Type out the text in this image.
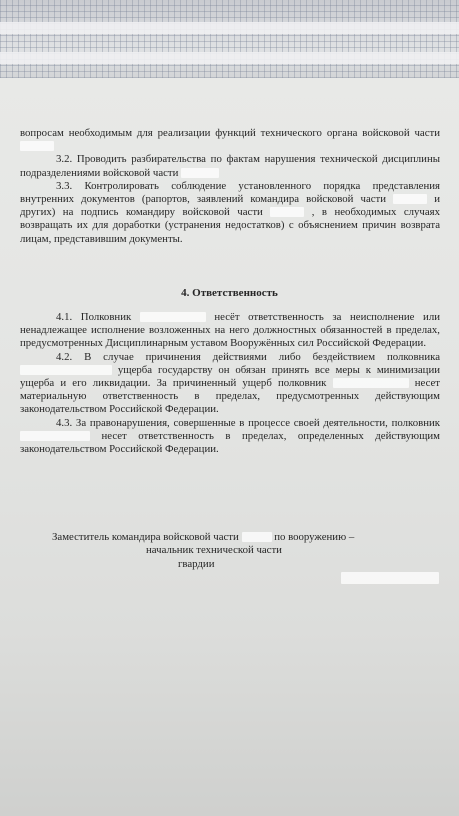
вопросам необходимым для реализации функций технического органа войсковой части

3.2. Проводить разбирательства по фактам нарушения технической дисциплины подразделениями войсковой части

3.3. Контролировать соблюдение установленного порядка представления внутренних документов (рапортов, заявлений командира войсковой части	и других) на подпись командиру войсковой части	, в необходимых случаях возвращать их для доработки (устранения недостатков) с объяснением причин возврата лицам, представившим документы.

4. Ответственность

4.1. Полковник	несёт ответственность за неисполнение или ненадлежащее исполнение возложенных на него должностных обязанностей в пределах, предусмотренных Дисциплинарным уставом Вооружённых сил Российской Федерации.

4.2. В случае причинения действиями либо бездействием полковника  ущерба государству он обязан принять все меры к минимизации ущерба и его ликвидации. За причиненный ущерб полковник	несет материальную ответственность в пределах, предусмотренных действующим законодательством Российской Федерации.

4.3. За правонарушения, совершенные в процессе своей деятельности, полковник  несет ответственность в пределах, определенных действующим законодательством Российской Федерации.

Заместитель командира войсковой части	по вооружению –
начальник технической части
гвардии
